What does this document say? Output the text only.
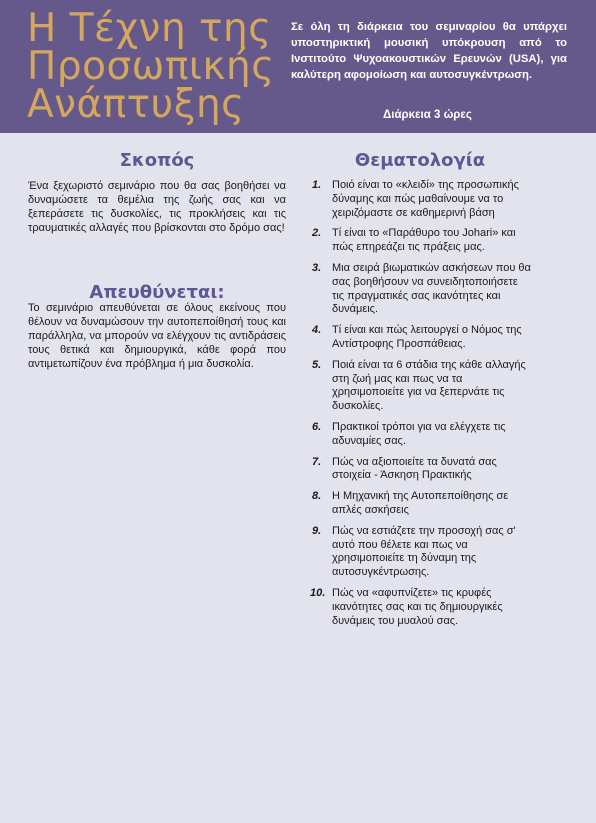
Η Τέχνη της
Προσωπικής
Ανάπτυξης
Σε όλη τη διάρκεια του σεμιναρίου θα υπάρχει υποστηρικτική μουσική υπόκρουση από το Ινστιτούτο Ψυχοακουστικών Ερευνών (USA), για καλύτερη αφομοίωση και αυτοσυγκέντρωση.
Διάρκεια 3 ώρες
Σκοπός

Ένα ξεχωριστό σεμινάριο που θα σας βοηθήσει να δυναμώσετε τα θεμέλια της ζωής σας και να ξεπεράσετε τις δυσκολίες, τις προκλήσεις και τις τραυματικές αλλαγές που βρίσκονται στο δρόμο σας!

Απευθύνεται:

Το σεμινάριο απευθύνεται σε όλους εκείνους που θέλουν να δυναμώσουν την αυτοπεποίθησή τους και παράλληλα, να μπορούν να ελέγχουν τις αντιδράσεις τους θετικά και δημιουργικά, κάθε φορά που αντιμετωπίζουν ένα πρόβλημα ή μια δυσκολία.

Θεματολογία
1. Ποιό είναι το «κλειδί» της προσωπικής δύναμης και πώς μαθαίνουμε να το χειριζόμαστε σε καθημερινή βάση
2. Τί είναι το «Παράθυρο του Johari» και πώς επηρεάζει τις πράξεις μας.
3. Μια σειρά βιωματικών ασκήσεων που θα σας βοηθήσουν να συνειδητοποιήσετε τις πραγματικές σας ικανότητες και δυνάμεις.
4. Τί είναι και πώς λειτουργεί ο Νόμος της Αντίστροφης Προσπάθειας.
5. Ποιά είναι τα 6 στάδια της κάθε αλλαγής στη ζωή μας και πως να τα χρησιμοποιείτε για να ξεπερνάτε τις δυσκολίες.
6. Πρακτικοί τρόποι για να ελέγχετε τις αδυναμίες σας.
7. Πώς να αξιοποιείτε τα δυνατά σας στοιχεία - Άσκηση Πρακτικής
8. Η Μηχανική της Αυτοπεποίθησης σε απλές ασκήσεις
9. Πώς να εστιάζετε την προσοχή σας σ' αυτό που θέλετε και πως να χρησιμοποιείτε τη δύναμη της αυτοσυγκέντρωσης.
10. Πώς να «αφυπνίζετε» τις κρυφές ικανότητες σας και τις δημιουργικές δυνάμεις του μυαλού σας.
